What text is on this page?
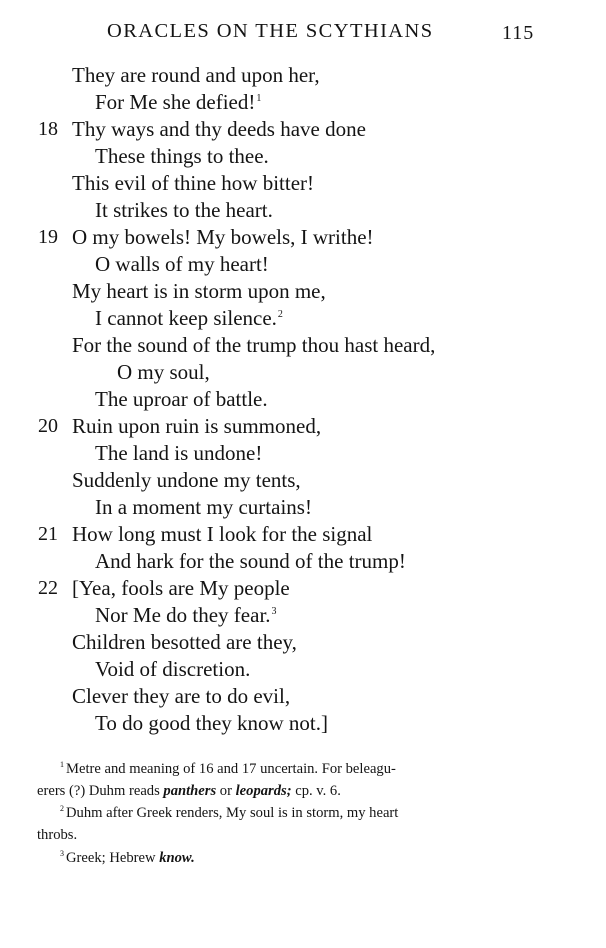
ORACLES ON THE SCYTHIANS	115
They are round and upon her,
For Me she defied!$^1$
18 Thy ways and thy deeds have done
These things to thee.
This evil of thine how bitter!
It strikes to the heart.
19 O my bowels! My bowels, I writhe!
O walls of my heart!
My heart is in storm upon me,
I cannot keep silence.$^2$
For the sound of the trump thou hast heard,
O my soul,
The uproar of battle.
20 Ruin upon ruin is summoned,
The land is undone!
Suddenly undone my tents,
In a moment my curtains!
21 How long must I look for the signal
And hark for the sound of the trump!
22 [Yea, fools are My people
Nor Me do they fear.$^3$
Children besotted are they,
Void of discretion.
Clever they are to do evil,
To do good they know not.]
$^1$ Metre and meaning of 16 and 17 uncertain. For beleagu-
erers (?) Duhm reads panthers or leopards; cp. v. 6.
$^2$ Duhm after Greek renders, My soul is in storm, my heart
throbs.
$^3$ Greek; Hebrew know.
